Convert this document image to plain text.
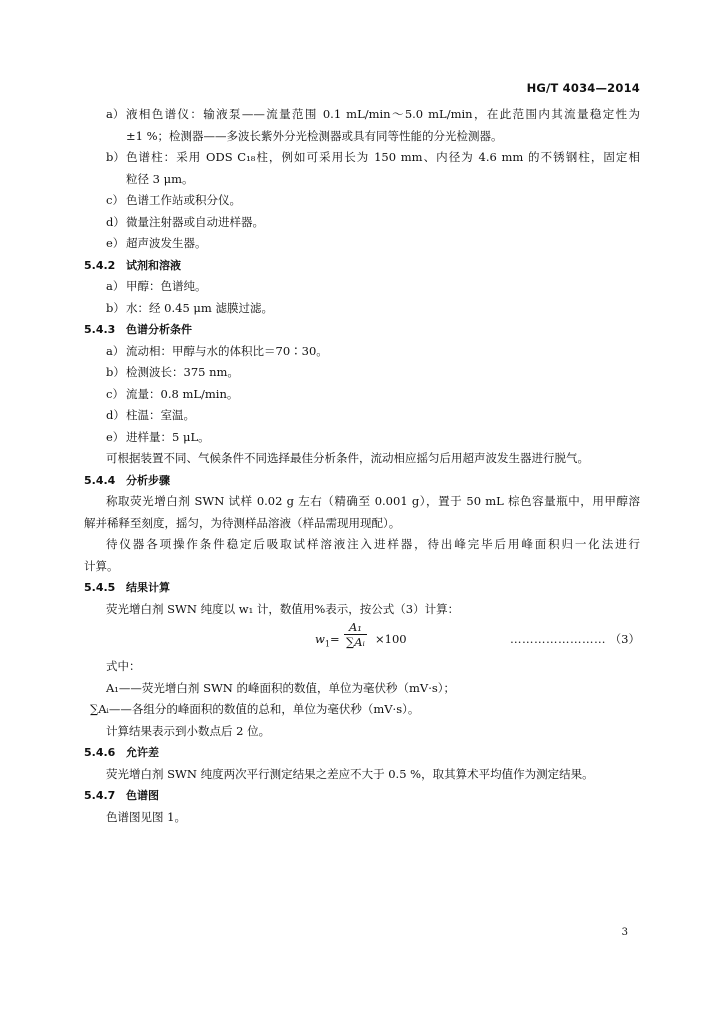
HG/T 4034—2014
a） 液相色谱仪：输液泵——流量范围 0.1 mL/min～5.0 mL/min，在此范围内其流量稳定性为
±1 %；检测器——多波长紫外分光检测器或具有同等性能的分光检测器。
b） 色谱柱：采用 ODS C₁₈柱，例如可采用长为 150 mm、内径为 4.6 mm 的不锈钢柱，固定相
粒径 3 μm。
c） 色谱工作站或积分仪。
d） 微量注射器或自动进样器。
e） 超声波发生器。
5.4.2 试剂和溶液
a） 甲醇：色谱纯。
b） 水：经 0.45 μm 滤膜过滤。
5.4.3 色谱分析条件
a） 流动相：甲醇与水的体积比＝70∶30。
b） 检测波长：375 nm。
c） 流量：0.8 mL/min。
d） 柱温：室温。
e） 进样量：5 μL。
可根据装置不同、气候条件不同选择最佳分析条件，流动相应摇匀后用超声波发生器进行脱气。
5.4.4 分析步骤
称取荧光增白剂 SWN 试样 0.02 g 左右（精确至 0.001 g），置于 50 mL 棕色容量瓶中，用甲醇溶
解并稀释至刻度，摇匀，为待测样品溶液（样品需现用现配）。
待仪器各项操作条件稳定后吸取试样溶液注入进样器，待出峰完毕后用峰面积归一化法进行
计算。
5.4.5 结果计算
荧光增白剂 SWN 纯度以 w₁ 计，数值用%表示，按公式（3）计算：
$w_1= \frac{\text{A₁}}{\text{∑Aᵢ}} \times 100$	…………………… （3）
式中：
A₁——荧光增白剂 SWN 的峰面积的数值，单位为毫伏秒（mV·s）；
∑Aᵢ——各组分的峰面积的数值的总和，单位为毫伏秒（mV·s）。
计算结果表示到小数点后 2 位。
5.4.6 允许差
荧光增白剂 SWN 纯度两次平行测定结果之差应不大于 0.5 %，取其算术平均值作为测定结果。
5.4.7 色谱图
色谱图见图 1。
3
